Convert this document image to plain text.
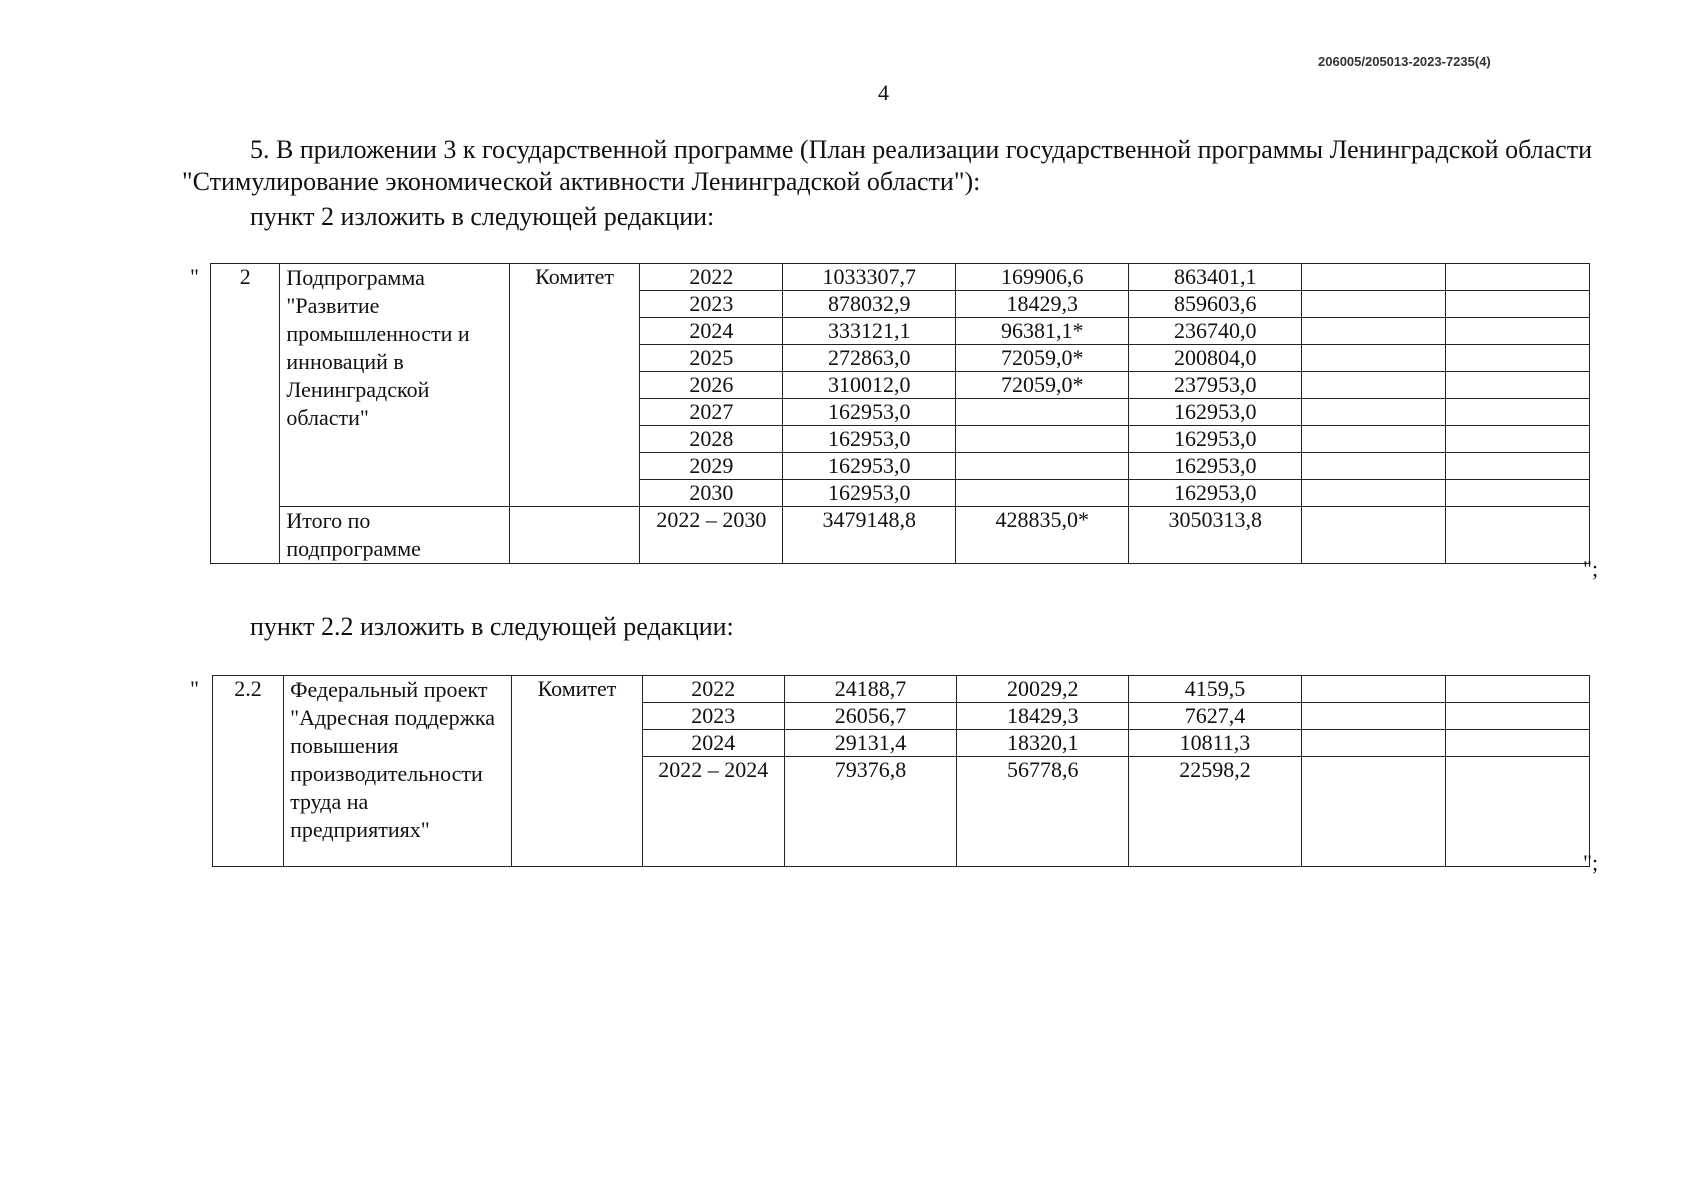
206005/205013-2023-7235(4)
4
5. В приложении 3 к государственной программе (План реализации государственной программы Ленинградской области "Стимулирование экономической активности Ленинградской области"):
пункт 2 изложить в следующей редакции:
" 2	Подпрограмма "Развитие промышленности и инноваций в Ленинградской области"	Комитет	2022	1033307,7	169906,6	863401,1		
			2023	878032,9	18429,3	859603,6		
			2024	333121,1	96381,1*	236740,0		
			2025	272863,0	72059,0*	200804,0		
			2026	310012,0	72059,0*	237953,0		
			2027	162953,0		162953,0		
			2028	162953,0		162953,0		
			2029	162953,0		162953,0		
			2030	162953,0		162953,0		
	Итого по подпрограмме		2022 – 2030	3479148,8	428835,0*	3050313,8		
";
пункт 2.2 изложить в следующей редакции:
" 2.2	Федеральный проект "Адресная поддержка повышения производительности труда на предприятиях"	Комитет	2022	24188,7	20029,2	4159,5		
			2023	26056,7	18429,3	7627,4		
			2024	29131,4	18320,1	10811,3		
			2022 – 2024	79376,8	56778,6	22598,2		
";
